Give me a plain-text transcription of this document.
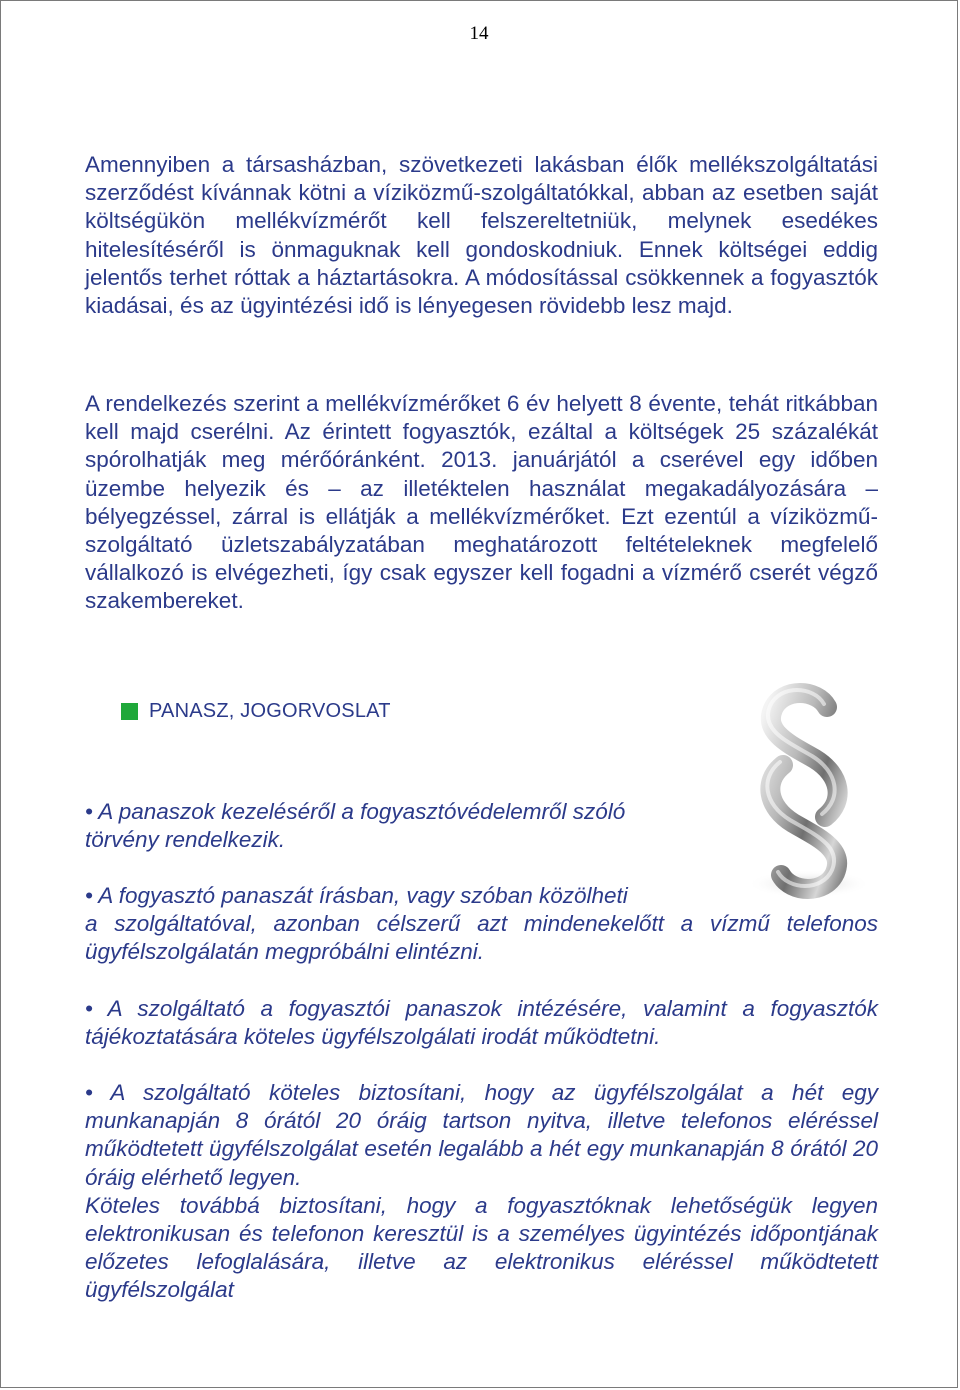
14

Amennyiben a társasházban, szövetkezeti lakásban élők mellékszolgáltatási szerződést kívánnak kötni a víziközmű-szolgáltatókkal, abban az esetben saját költségükön mellékvízmérőt kell felszereltetniük, melynek esedékes hitelesítéséről is önmaguknak kell gondoskodniuk. Ennek költségei eddig jelentős terhet róttak a háztartásokra. A módosítással csökkennek a fogyasztók kiadásai, és az ügyintézési idő is lényegesen rövidebb lesz majd.

A rendelkezés szerint a mellékvízmérőket 6 év helyett 8 évente, tehát ritkábban kell majd cserélni. Az érintett fogyasztók, ezáltal a költségek 25 százalékát spórolhatják meg mérőóránként. 2013. januárjától a cserével egy időben üzembe helyezik és – az illetéktelen használat megakadályozására – bélyegzéssel, zárral is ellátják a mellékvízmérőket. Ezt ezentúl a víziközmű-szolgáltató üzletszabályzatában meghatározott feltételeknek megfelelő vállalkozó is elvégezheti, így csak egyszer kell fogadni a vízmérő cserét végző szakembereket.

PANASZ, JOGORVOSLAT

• A panaszok kezeléséről a fogyasztóvédelemről szóló törvény rendelkezik.

• A fogyasztó panaszát írásban, vagy szóban közölheti

a szolgáltatóval, azonban célszerű azt mindenekelőtt a vízmű telefonos ügyfélszolgálatán megpróbálni elintézni.

• A szolgáltató a fogyasztói panaszok intézésére, valamint a fogyasztók tájékoztatására köteles ügyfélszolgálati irodát működtetni.

• A szolgáltató köteles biztosítani, hogy az ügyfélszolgálat a hét egy munkanapján 8 órától 20 óráig tartson nyitva, illetve telefonos eléréssel működtetett ügyfélszolgálat esetén legalább a hét egy munkanapján 8 órától 20 óráig elérhető legyen.

Köteles továbbá biztosítani, hogy a fogyasztóknak lehetőségük legyen elektronikusan és telefonon keresztül is a személyes ügyintézés időpontjának előzetes lefoglalására, illetve az elektronikus eléréssel működtetett ügyfélszolgálat
